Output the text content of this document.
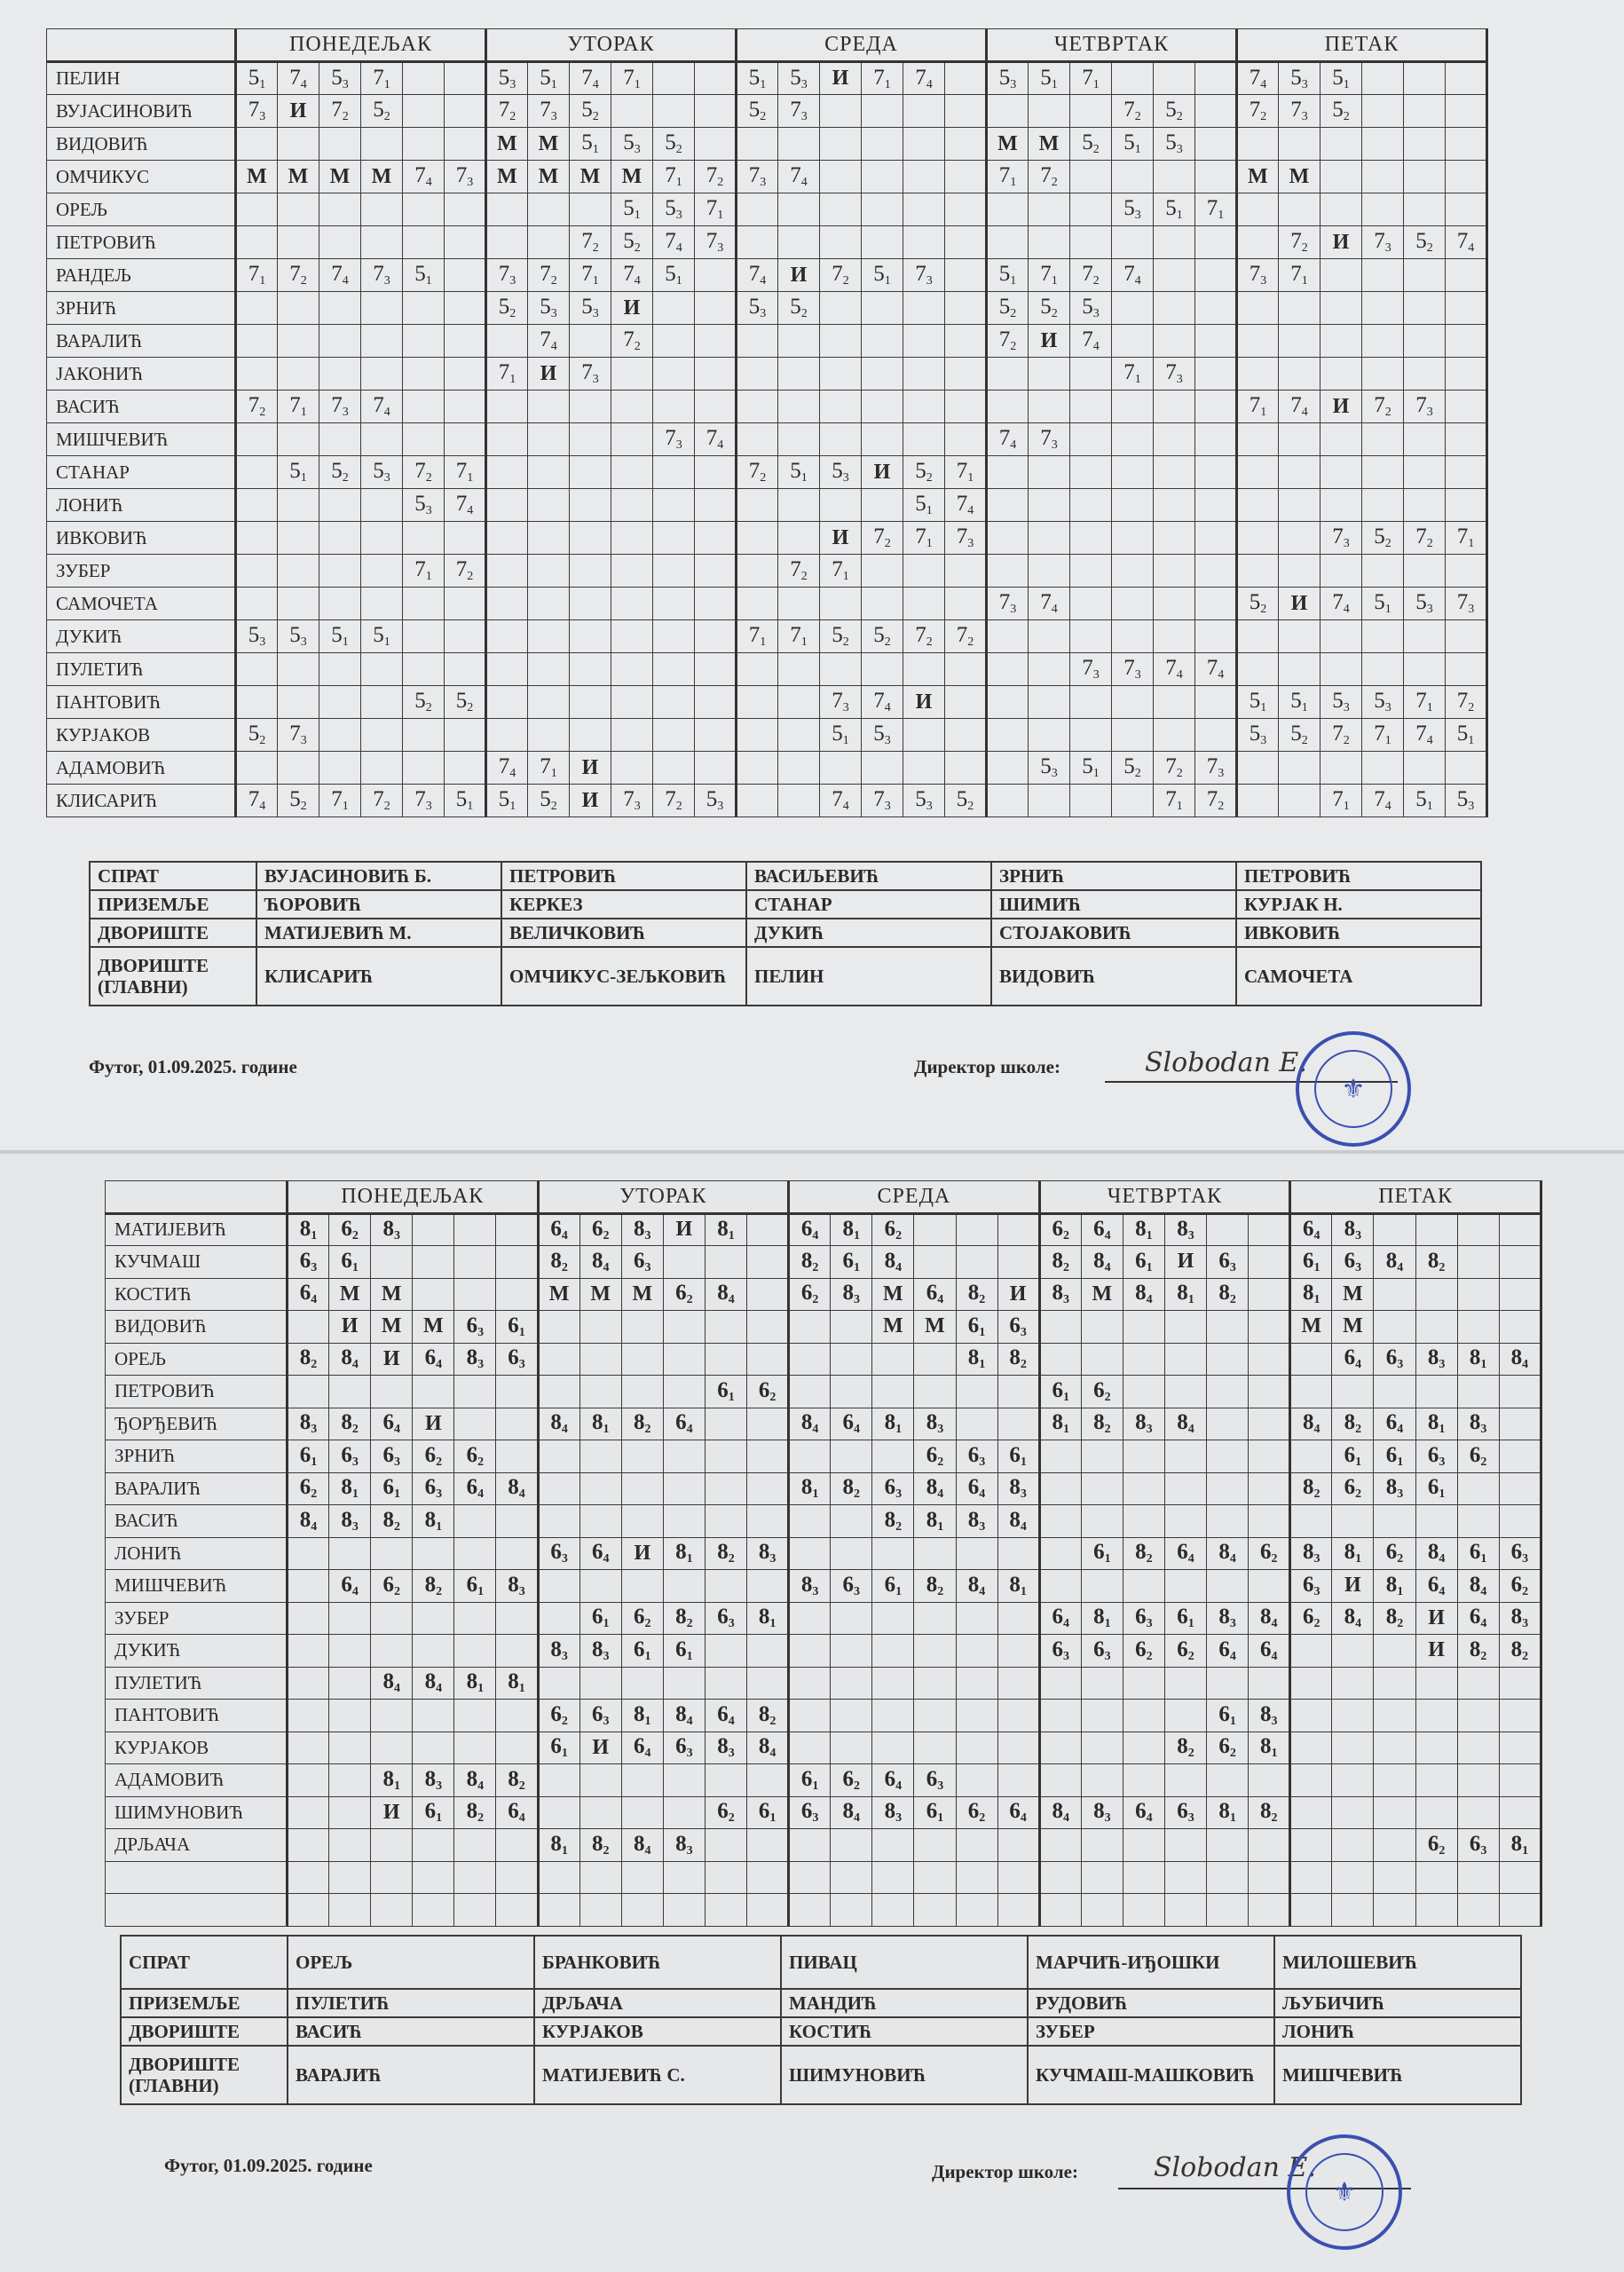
	ПОНЕДЕЉАК						УТОРАК						СРЕДА						ЧЕТВРТАК						ПЕТАК					
ПЕЛИН	$5_1$	$7_4$	$5_3$	$7_1$			$5_3$	$5_1$	$7_4$	$7_1$			$5_1$	$5_3$	И	$7_1$	$7_4$		$5_3$	$5_1$	$7_1$				$7_4$	$5_3$	$5_1$			
ВУЈАСИНОВИЋ	$7_3$	И	$7_2$	$5_2$			$7_2$	$7_3$	$5_2$				$5_2$	$7_3$								$7_2$	$5_2$		$7_2$	$7_3$	$5_2$			
ВИДОВИЋ							М	М	$5_1$	$5_3$	$5_2$								М	М	$5_2$	$5_1$	$5_3$							
ОМЧИКУС	М	М	М	М	$7_4$	$7_3$	М	М	М	М	$7_1$	$7_2$	$7_3$	$7_4$					$7_1$	$7_2$					М	М				
ОРЕЉ										$5_1$	$5_3$	$7_1$										$5_3$	$5_1$	$7_1$						
ПЕТРОВИЋ									$7_2$	$5_2$	$7_4$	$7_3$														$7_2$	И	$7_3$	$5_2$	$7_4$
РАНДЕЉ	$7_1$	$7_2$	$7_4$	$7_3$	$5_1$		$7_3$	$7_2$	$7_1$	$7_4$	$5_1$		$7_4$	И	$7_2$	$5_1$	$7_3$		$5_1$	$7_1$	$7_2$	$7_4$			$7_3$	$7_1$				
ЗРНИЋ							$5_2$	$5_3$	$5_3$	И			$5_3$	$5_2$					$5_2$	$5_2$	$5_3$									
ВАРАЛИЋ								$7_4$		$7_2$									$7_2$	И	$7_4$									
ЈАКОНИЋ							$7_1$	И	$7_3$													$7_1$	$7_3$							
ВАСИЋ	$7_2$	$7_1$	$7_3$	$7_4$																					$7_1$	$7_4$	И	$7_2$	$7_3$	
МИШЧЕВИЋ											$7_3$	$7_4$							$7_4$	$7_3$										
СТАНАР		$5_1$	$5_2$	$5_3$	$7_2$	$7_1$							$7_2$	$5_1$	$5_3$	И	$5_2$	$7_1$												
ЛОНИЋ					$5_3$	$7_4$											$5_1$	$7_4$												
ИВКОВИЋ															И	$7_2$	$7_1$	$7_3$									$7_3$	$5_2$	$7_2$	$7_1$
ЗУБЕР					$7_1$	$7_2$								$7_2$	$7_1$															
САМОЧЕТА																			$7_3$	$7_4$					$5_2$	И	$7_4$	$5_1$	$5_3$	$7_3$
ДУКИЋ	$5_3$	$5_3$	$5_1$	$5_1$									$7_1$	$7_1$	$5_2$	$5_2$	$7_2$	$7_2$												
ПУЛЕТИЋ																					$7_3$	$7_3$	$7_4$	$7_4$						
ПАНТОВИЋ					$5_2$	$5_2$									$7_3$	$7_4$	И								$5_1$	$5_1$	$5_3$	$5_3$	$7_1$	$7_2$
КУРЈАКОВ	$5_2$	$7_3$													$5_1$	$5_3$									$5_3$	$5_2$	$7_2$	$7_1$	$7_4$	$5_1$
АДАМОВИЋ							$7_4$	$7_1$	И											$5_3$	$5_1$	$5_2$	$7_2$	$7_3$						
КЛИСАРИЋ	$7_4$	$5_2$	$7_1$	$7_2$	$7_3$	$5_1$	$5_1$	$5_2$	И	$7_3$	$7_2$	$5_3$			$7_4$	$7_3$	$5_3$	$5_2$					$7_1$	$7_2$			$7_1$	$7_4$	$5_1$	$5_3$
СПРАТ	ВУЈАСИНОВИЋ Б.	ПЕТРОВИЋ	ВАСИЉЕВИЋ	ЗРНИЋ	ПЕТРОВИЋ
ПРИЗЕМЉЕ	ЋОРОВИЋ	КЕРКЕЗ	СТАНАР	ШИМИЋ	КУРЈАК Н.
ДВОРИШТЕ	МАТИЈЕВИЋ М.	ВЕЛИЧКОВИЋ	ДУКИЋ	СТОЈАКОВИЋ	ИВКОВИЋ
ДВОРИШТЕ (ГЛАВНИ)	КЛИСАРИЋ	ОМЧИКУС-ЗЕЉКОВИЋ	ПЕЛИН	ВИДОВИЋ	САМОЧЕТА
Футог, 01.09.2025. године	Директор школе:	Slobodan E.
⚜
	ПОНЕДЕЉАК						УТОРАК						СРЕДА						ЧЕТВРТАК						ПЕТАК					
МАТИЈЕВИЋ	$8_1$	$6_2$	$8_3$				$6_4$	$6_2$	$8_3$	И	$8_1$		$6_4$	$8_1$	$6_2$				$6_2$	$6_4$	$8_1$	$8_3$			$6_4$	$8_3$				
КУЧМАШ	$6_3$	$6_1$					$8_2$	$8_4$	$6_3$				$8_2$	$6_1$	$8_4$				$8_2$	$8_4$	$6_1$	И	$6_3$		$6_1$	$6_3$	$8_4$	$8_2$		
КОСТИЋ	$6_4$	М	М				М	М	М	$6_2$	$8_4$		$6_2$	$8_3$	М	$6_4$	$8_2$	И	$8_3$	М	$8_4$	$8_1$	$8_2$		$8_1$	М				
ВИДОВИЋ		И	М	М	$6_3$	$6_1$									М	М	$6_1$	$6_3$							М	М				
ОРЕЉ	$8_2$	$8_4$	И	$6_4$	$8_3$	$6_3$											$8_1$	$8_2$								$6_4$	$6_3$	$8_3$	$8_1$	$8_4$
ПЕТРОВИЋ											$6_1$	$6_2$							$6_1$	$6_2$										
ЂОРЂЕВИЋ	$8_3$	$8_2$	$6_4$	И			$8_4$	$8_1$	$8_2$	$6_4$			$8_4$	$6_4$	$8_1$	$8_3$			$8_1$	$8_2$	$8_3$	$8_4$			$8_4$	$8_2$	$6_4$	$8_1$	$8_3$	
ЗРНИЋ	$6_1$	$6_3$	$6_3$	$6_2$	$6_2$											$6_2$	$6_3$	$6_1$								$6_1$	$6_1$	$6_3$	$6_2$	
ВАРАЛИЋ	$6_2$	$8_1$	$6_1$	$6_3$	$6_4$	$8_4$							$8_1$	$8_2$	$6_3$	$8_4$	$6_4$	$8_3$							$8_2$	$6_2$	$8_3$	$6_1$		
ВАСИЋ	$8_4$	$8_3$	$8_2$	$8_1$											$8_2$	$8_1$	$8_3$	$8_4$												
ЛОНИЋ							$6_3$	$6_4$	И	$8_1$	$8_2$	$8_3$								$6_1$	$8_2$	$6_4$	$8_4$	$6_2$	$8_3$	$8_1$	$6_2$	$8_4$	$6_1$	$6_3$
МИШЧЕВИЋ		$6_4$	$6_2$	$8_2$	$6_1$	$8_3$							$8_3$	$6_3$	$6_1$	$8_2$	$8_4$	$8_1$							$6_3$	И	$8_1$	$6_4$	$8_4$	$6_2$
ЗУБЕР								$6_1$	$6_2$	$8_2$	$6_3$	$8_1$							$6_4$	$8_1$	$6_3$	$6_1$	$8_3$	$8_4$	$6_2$	$8_4$	$8_2$	И	$6_4$	$8_3$
ДУКИЋ							$8_3$	$8_3$	$6_1$	$6_1$									$6_3$	$6_3$	$6_2$	$6_2$	$6_4$	$6_4$				И	$8_2$	$8_2$
ПУЛЕТИЋ			$8_4$	$8_4$	$8_1$	$8_1$																								
ПАНТОВИЋ							$6_2$	$6_3$	$8_1$	$8_4$	$6_4$	$8_2$											$6_1$	$8_3$						
КУРЈАКОВ							$6_1$	И	$6_4$	$6_3$	$8_3$	$8_4$										$8_2$	$6_2$	$8_1$						
АДАМОВИЋ			$8_1$	$8_3$	$8_4$	$8_2$							$6_1$	$6_2$	$6_4$	$6_3$														
ШИМУНОВИЋ			И	$6_1$	$8_2$	$6_4$					$6_2$	$6_1$	$6_3$	$8_4$	$8_3$	$6_1$	$6_2$	$6_4$	$8_4$	$8_3$	$6_4$	$6_3$	$8_1$	$8_2$						
ДРЉАЧА							$8_1$	$8_2$	$8_4$	$8_3$																		$6_2$	$6_3$	$8_1$

СПРАТ	ОРЕЉ	БРАНКОВИЋ	ПИВАЦ	МАРЧИЋ-ИЂОШКИ	МИЛОШЕВИЋ
ПРИЗЕМЉЕ	ПУЛЕТИЋ	ДРЉАЧА	МАНДИЋ	РУДОВИЋ	ЉУБИЧИЋ
ДВОРИШТЕ	ВАСИЋ	КУРЈАКОВ	КОСТИЋ	ЗУБЕР	ЛОНИЋ
ДВОРИШТЕ (ГЛАВНИ)	ВАРАЈИЋ	МАТИЈЕВИЋ С.	ШИМУНОВИЋ	КУЧМАШ-МАШКОВИЋ	МИШЧЕВИЋ
Футог, 01.09.2025. године	Директор школе:	Slobodan E.
⚜
